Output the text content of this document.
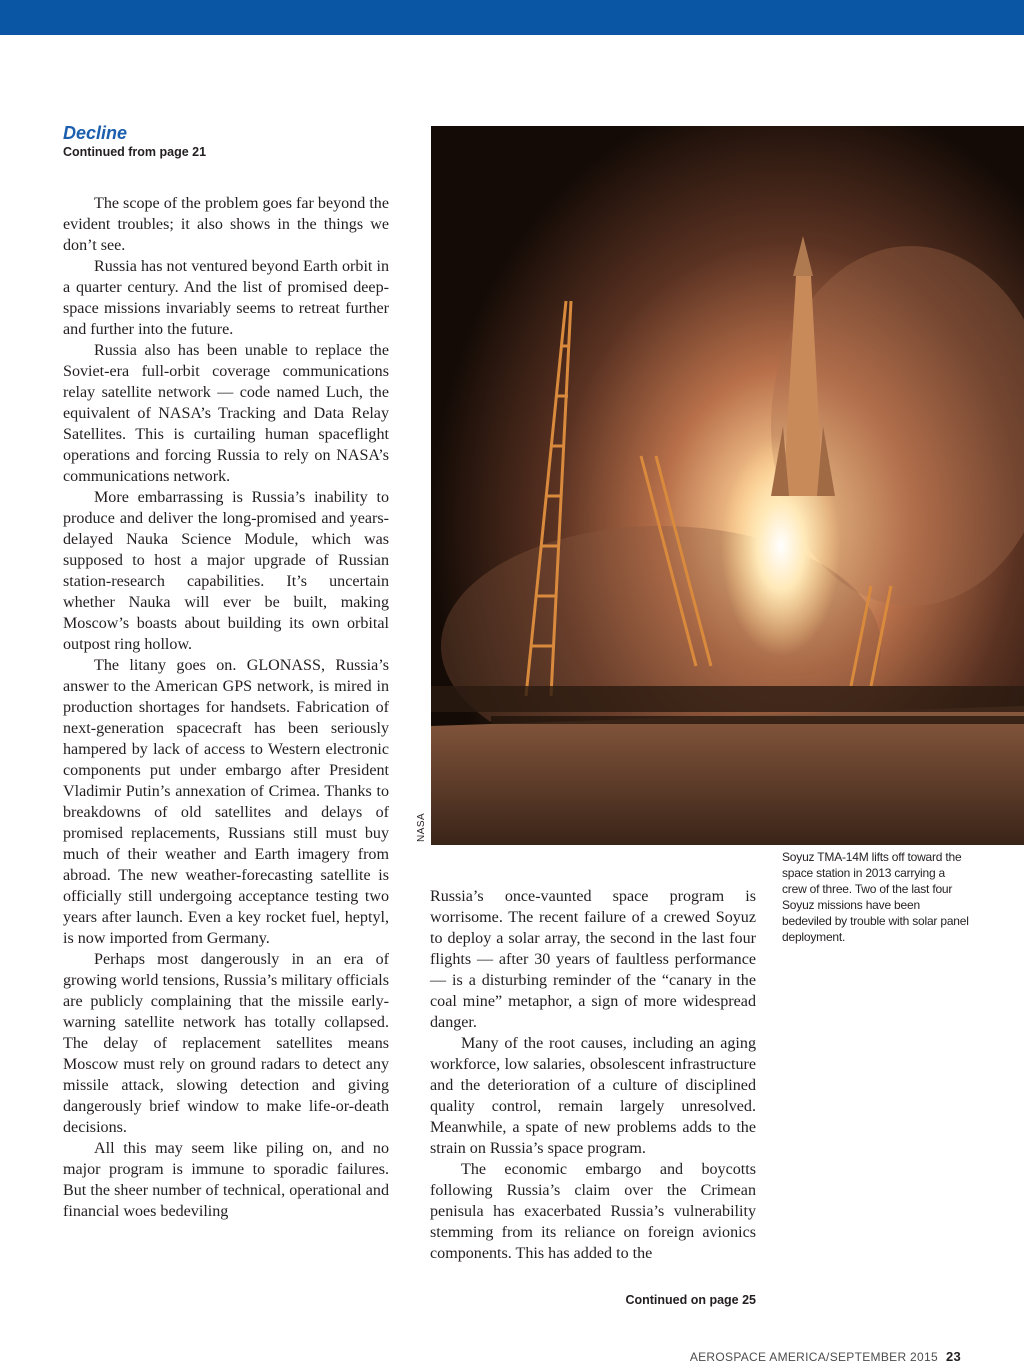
Decline
Continued from page 21

The scope of the problem goes far beyond the evident troubles; it also shows in the things we don’t see.

Russia has not ventured beyond Earth orbit in a quarter century. And the list of promised deep-space missions invariably seems to retreat further and further into the future.

Russia also has been unable to replace the Soviet-era full-orbit coverage communications relay satellite network — code named Luch, the equivalent of NASA’s Tracking and Data Relay Satellites. This is curtailing human spaceflight operations and forcing Russia to rely on NASA’s communications network.

More embarrassing is Russia’s inability to produce and deliver the long-promised and years-delayed Nauka Science Module, which was supposed to host a major upgrade of Russian station-research capabilities. It’s uncertain whether Nauka will ever be built, making Moscow’s boasts about building its own orbital outpost ring hollow.

The litany goes on. GLONASS, Russia’s answer to the American GPS network, is mired in production shortages for handsets. Fabrication of next-generation spacecraft has been seriously hampered by lack of access to Western electronic components put under embargo after President Vladimir Putin’s annexation of Crimea. Thanks to breakdowns of old satellites and delays of promised replacements, Russians still must buy much of their weather and Earth imagery from abroad. The new weather-forecasting satellite is officially still undergoing acceptance testing two years after launch. Even a key rocket fuel, heptyl, is now imported from Germany.

Perhaps most dangerously in an era of growing world tensions, Russia’s military officials are publicly complaining that the missile early-warning satellite network has totally collapsed. The delay of replacement satellites means Moscow must rely on ground radars to detect any missile attack, slowing detection and giving dangerously brief window to make life-or-death decisions.

All this may seem like piling on, and no major program is immune to sporadic failures. But the sheer number of technical, operational and financial woes bedeviling

NASA
Soyuz TMA-14M lifts off toward the space station in 2013 carrying a crew of three. Two of the last four Soyuz missions have been bedeviled by trouble with solar panel deployment.

Russia’s once-vaunted space program is worrisome. The recent failure of a crewed Soyuz to deploy a solar array, the second in the last four flights — after 30 years of faultless performance — is a disturbing reminder of the “canary in the coal mine” metaphor, a sign of more widespread danger.

Many of the root causes, including an aging workforce, low salaries, obsolescent infrastructure and the deterioration of a culture of disciplined quality control, remain largely unresolved. Meanwhile, a spate of new problems adds to the strain on Russia’s space program.

The economic embargo and boycotts following Russia’s claim over the Crimean penisula has exacerbated Russia’s vulnerability stemming from its reliance on foreign avionics components. This has added to the

Continued on page 25
AEROSPACE AMERICA/SEPTEMBER 2015 23
